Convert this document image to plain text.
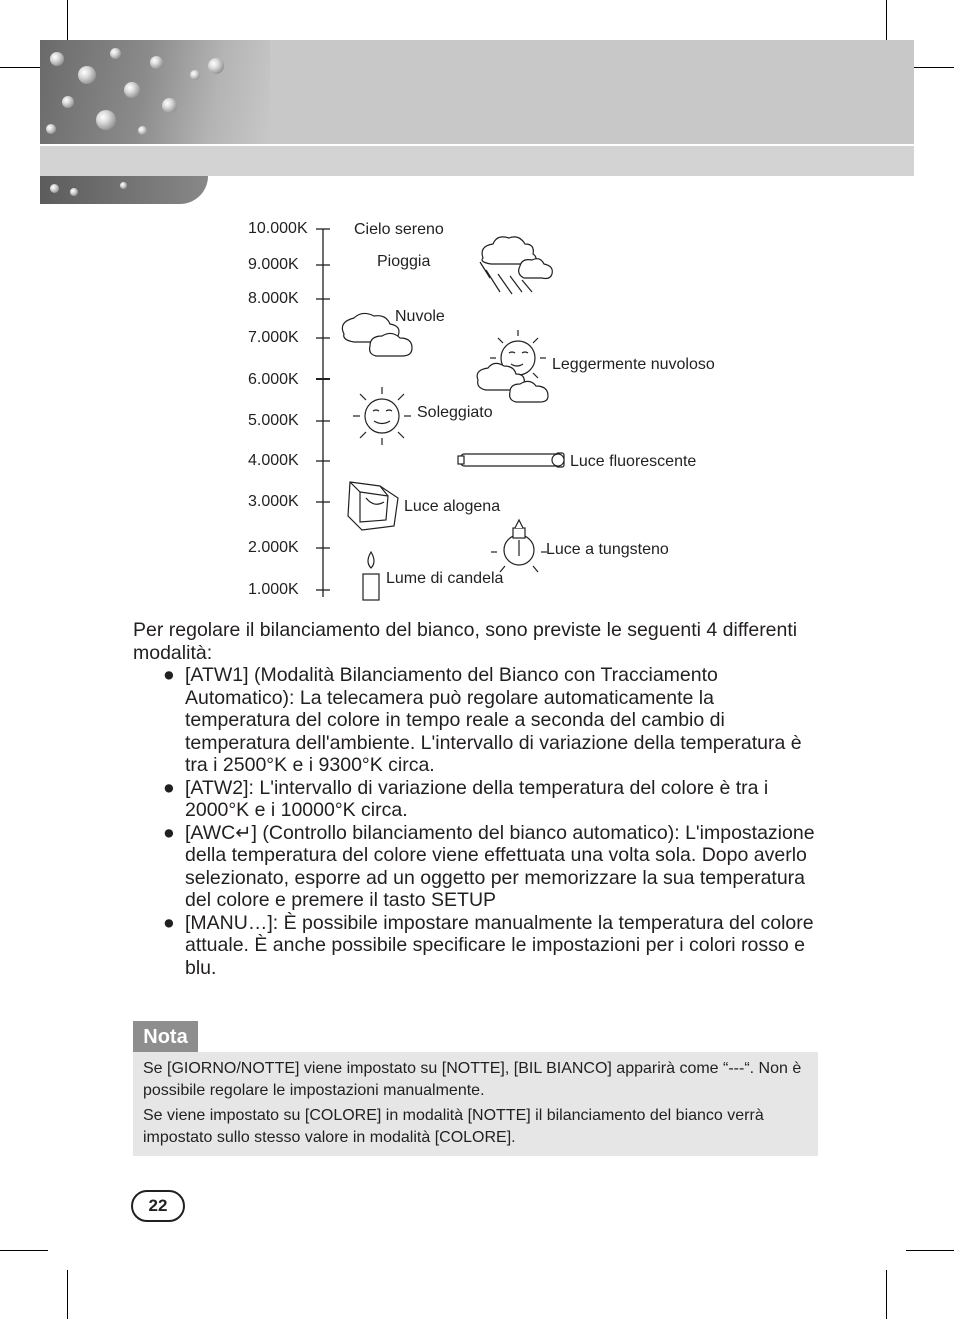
10.000K
9.000K
8.000K
7.000K
6.000K
5.000K
4.000K
3.000K
2.000K
1.000K
Cielo sereno
Pioggia
Nuvole
Leggermente nuvoloso
Soleggiato
Luce fluorescente
Luce alogena
Luce a tungsteno
Lume di candela
Per regolare il bilanciamento del bianco, sono previste le seguenti 4 differenti modalità:
● [ATW1] (Modalità Bilanciamento del Bianco con Tracciamento Automatico): La telecamera può regolare automaticamente la temperatura del colore in tempo reale a seconda del cambio di temperatura dell'ambiente. L'intervallo di variazione della temperatura è tra i 2500°K e i 9300°K circa.
● [ATW2]: L'intervallo di variazione della temperatura del colore è tra i 2000°K e i 10000°K circa.
● [AWC↵] (Controllo bilanciamento del bianco automatico): L'impostazione della temperatura del colore viene effettuata una volta sola. Dopo averlo selezionato, esporre ad un oggetto per memorizzare la sua temperatura del colore e premere il tasto SETUP
● [MANU…]: È possibile impostare manualmente la temperatura del colore attuale. È anche possibile specificare le impostazioni per i colori rosso e blu.
Nota

Se [GIORNO/NOTTE] viene impostato su [NOTTE], [BIL BIANCO] apparirà come “---“. Non è possibile regolare le impostazioni manualmente.

Se viene impostato su [COLORE] in modalità [NOTTE] il bilanciamento del bianco verrà impostato sullo stesso valore in modalità [COLORE].

22
